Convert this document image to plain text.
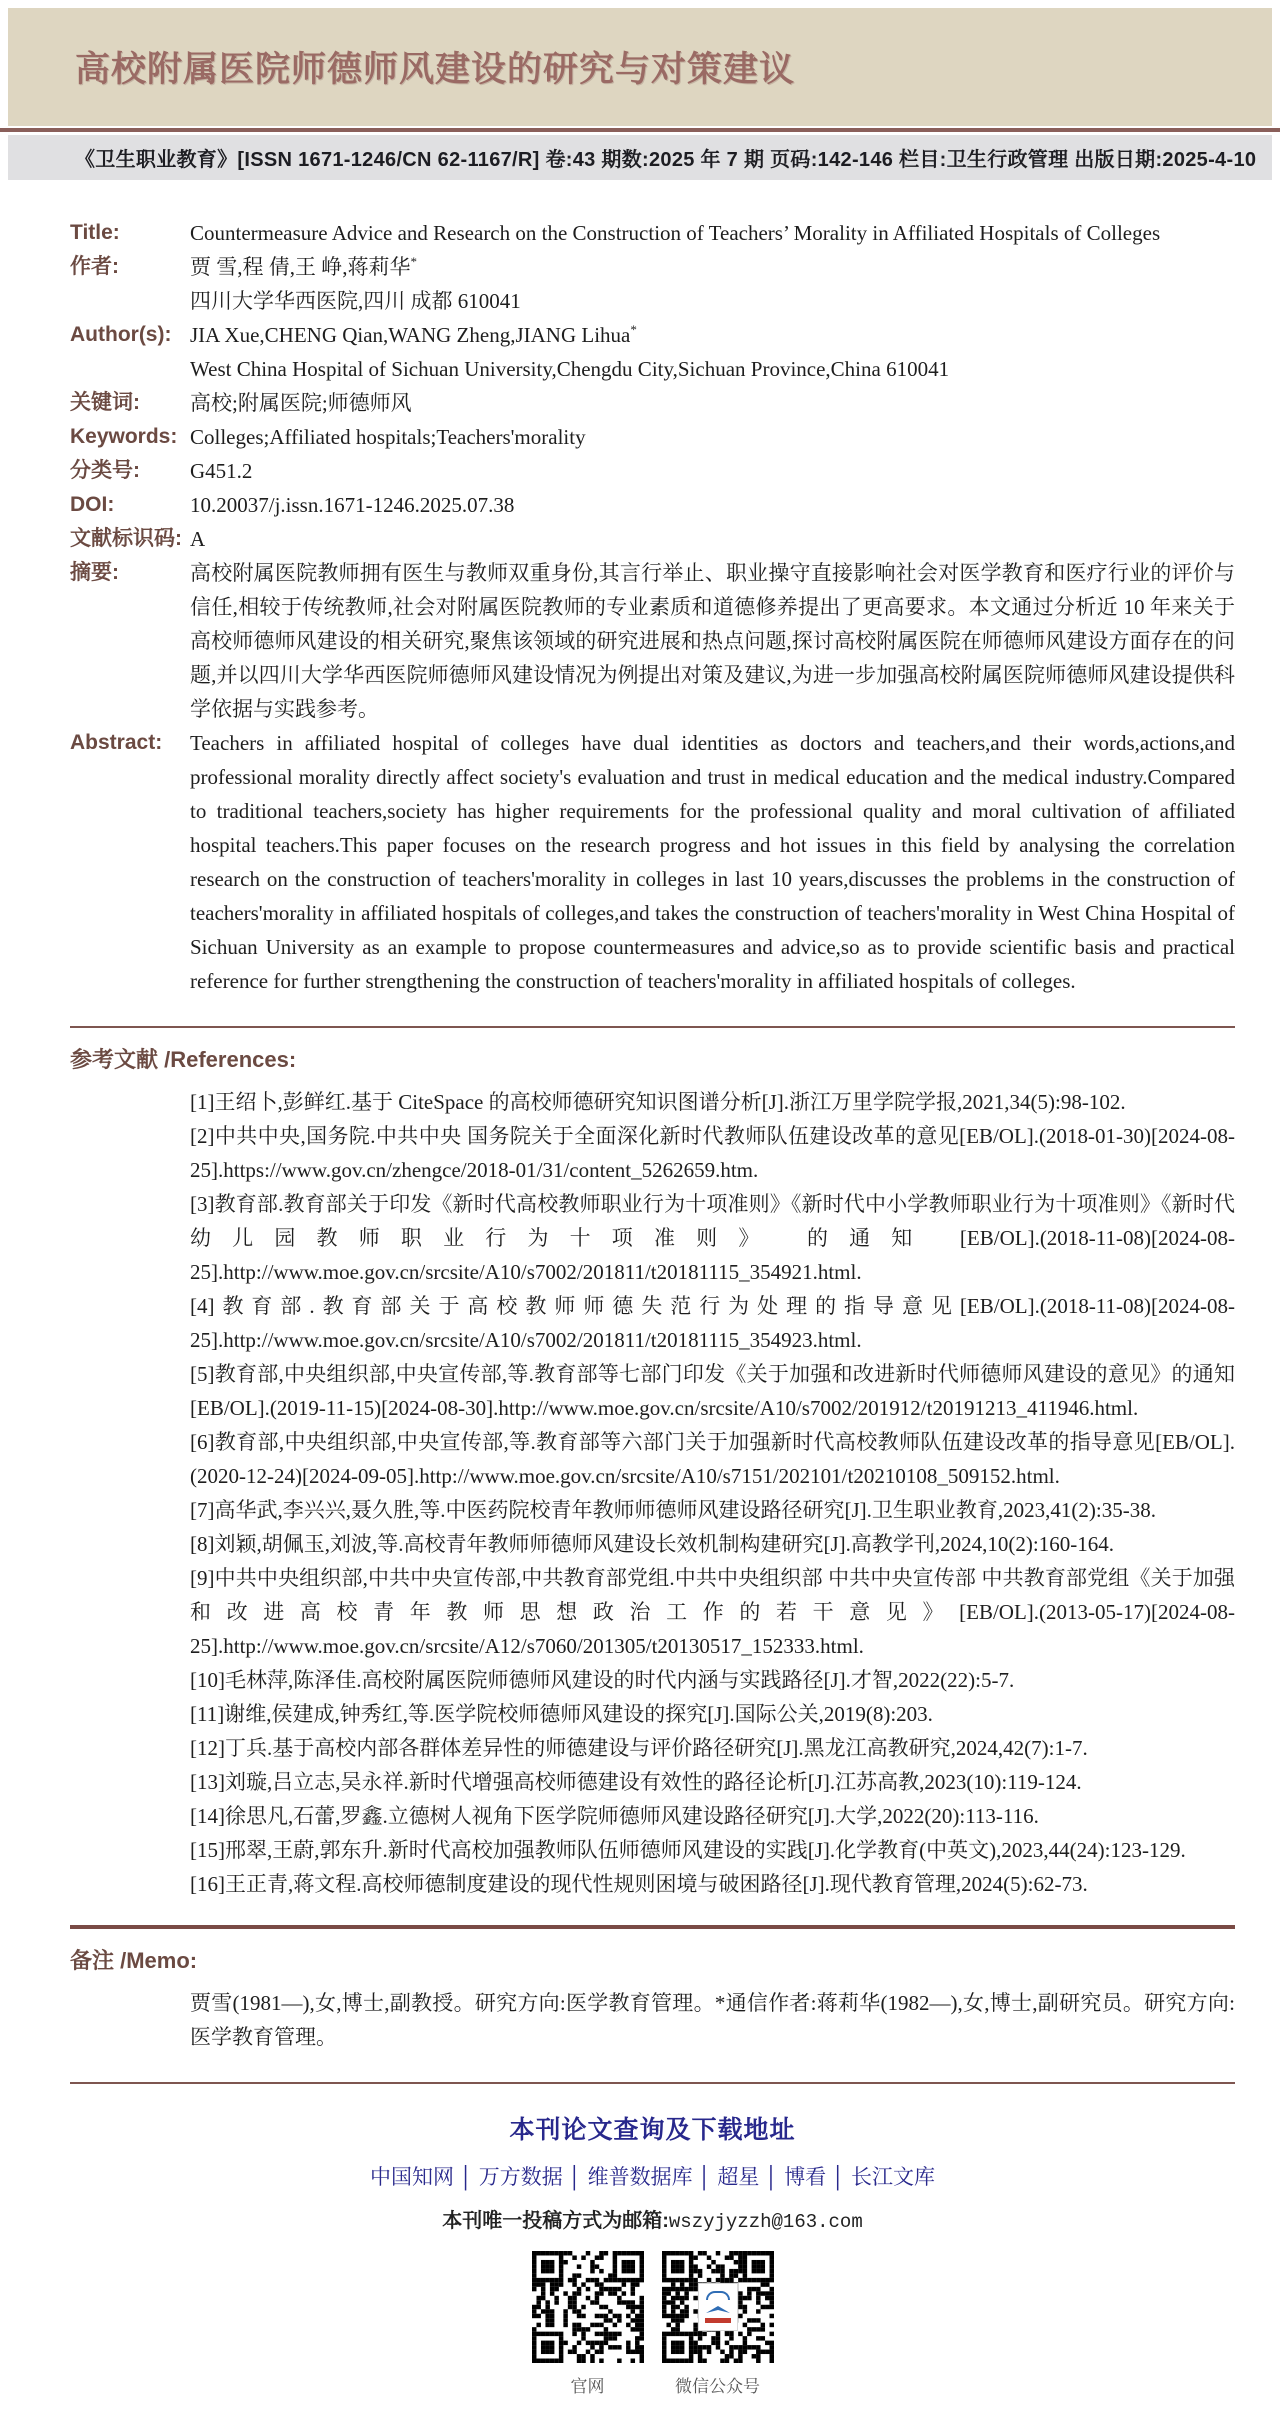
高校附属医院师德师风建设的研究与对策建议
《卫生职业教育》[ISSN 1671-1246/CN 62-1167/R] 卷:43 期数:2025 年 7 期 页码:142-146 栏目:卫生行政管理 出版日期:2025-4-10
Title:	Countermeasure Advice and Research on the Construction of Teachers’ Morality in Affiliated Hospitals of Colleges
作者:	贾 雪,程 倩,王 峥,蒋莉华*
四川大学华西医院,四川 成都 610041
Author(s): JIA Xue,CHENG Qian,WANG Zheng,JIANG Lihua*
West China Hospital of Sichuan University,Chengdu City,Sichuan Province,China 610041
关键词:	高校;附属医院;师德师风
Keywords: Colleges;Affiliated hospitals;Teachers'morality
分类号:	G451.2
DOI:	10.20037/j.issn.1671-1246.2025.07.38
文献标识码: A
摘要:	高校附属医院教师拥有医生与教师双重身份,其言行举止、职业操守直接影响社会对医学教育和医疗行业的评价与信任,相较于传统教师,社会对附属医院教师的专业素质和道德修养提出了更高要求。本文通过分析近 10 年来关于高校师德师风建设的相关研究,聚焦该领域的研究进展和热点问题,探讨高校附属医院在师德师风建设方面存在的问题,并以四川大学华西医院师德师风建设情况为例提出对策及建议,为进一步加强高校附属医院师德师风建设提供科学依据与实践参考。
Abstract:	Teachers in affiliated hospital of colleges have dual identities as doctors and teachers,and their words,actions,and professional morality directly affect society's evaluation and trust in medical education and the medical industry.Compared to traditional teachers,society has higher requirements for the professional quality and moral cultivation of affiliated hospital teachers.This paper focuses on the research progress and hot issues in this field by analysing the correlation research on the construction of teachers'morality in colleges in last 10 years,discusses the problems in the construction of teachers'morality in affiliated hospitals of colleges,and takes the construction of teachers'morality in West China Hospital of Sichuan University as an example to propose countermeasures and advice,so as to provide scientific basis and practical reference for further strengthening the construction of teachers'morality in affiliated hospitals of colleges.
参考文献 /References:
[1]王绍卜,彭鲜红.基于 CiteSpace 的高校师德研究知识图谱分析[J].浙江万里学院学报,2021,34(5):98-102.
[2]中共中央,国务院.中共中央 国务院关于全面深化新时代教师队伍建设改革的意见[EB/OL].(2018-01-30)[2024-08-25].https://www.gov.cn/zhengce/2018-01/31/content_5262659.htm.
[3]教育部.教育部关于印发《新时代高校教师职业行为十项准则》《新时代中小学教师职业行为十项准则》《新时代幼儿园教师职业行为十项准则》 的通知 [EB/OL].(2018-11-08)[2024-08-25].http://www.moe.gov.cn/srcsite/A10/s7002/201811/t20181115_354921.html.
[4]教育部.教育部关于高校教师师德失范行为处理的指导意见[EB/OL].(2018-11-08)[2024-08-25].http://www.moe.gov.cn/srcsite/A10/s7002/201811/t20181115_354923.html.
[5]教育部,中央组织部,中央宣传部,等.教育部等七部门印发《关于加强和改进新时代师德师风建设的意见》的通知[EB/OL].(2019-11-15)[2024-08-30].http://www.moe.gov.cn/srcsite/A10/s7002/201912/t20191213_411946.html.
[6]教育部,中央组织部,中央宣传部,等.教育部等六部门关于加强新时代高校教师队伍建设改革的指导意见[EB/OL].(2020-12-24)[2024-09-05].http://www.moe.gov.cn/srcsite/A10/s7151/202101/t20210108_509152.html.
[7]高华武,李兴兴,聂久胜,等.中医药院校青年教师师德师风建设路径研究[J].卫生职业教育,2023,41(2):35-38.
[8]刘颖,胡佩玉,刘波,等.高校青年教师师德师风建设长效机制构建研究[J].高教学刊,2024,10(2):160-164.
[9]中共中央组织部,中共中央宣传部,中共教育部党组.中共中央组织部 中共中央宣传部 中共教育部党组《关于加强和改进高校青年教师思想政治工作的若干意见》[EB/OL].(2013-05-17)[2024-08-25].http://www.moe.gov.cn/srcsite/A12/s7060/201305/t20130517_152333.html.
[10]毛林萍,陈泽佳.高校附属医院师德师风建设的时代内涵与实践路径[J].才智,2022(22):5-7.
[11]谢维,侯建成,钟秀红,等.医学院校师德师风建设的探究[J].国际公关,2019(8):203.
[12]丁兵.基于高校内部各群体差异性的师德建设与评价路径研究[J].黑龙江高教研究,2024,42(7):1-7.
[13]刘璇,吕立志,吴永祥.新时代增强高校师德建设有效性的路径论析[J].江苏高教,2023(10):119-124.
[14]徐思凡,石蕾,罗鑫.立德树人视角下医学院师德师风建设路径研究[J].大学,2022(20):113-116.
[15]邢翠,王蔚,郭东升.新时代高校加强教师队伍师德师风建设的实践[J].化学教育(中英文),2023,44(24):123-129.
[16]王正青,蒋文程.高校师德制度建设的现代性规则困境与破困路径[J].现代教育管理,2024(5):62-73.
备注 /Memo:
贾雪(1981—),女,博士,副教授。研究方向:医学教育管理。*通信作者:蒋莉华(1982—),女,博士,副研究员。研究方向:医学教育管理。
本刊论文查询及下载地址
中国知网 │ 万方数据 │ 维普数据库 │ 超星 │ 博看 │ 长江文库
本刊唯一投稿方式为邮箱:wszyjyzzh@163.com
官网	微信公众号
